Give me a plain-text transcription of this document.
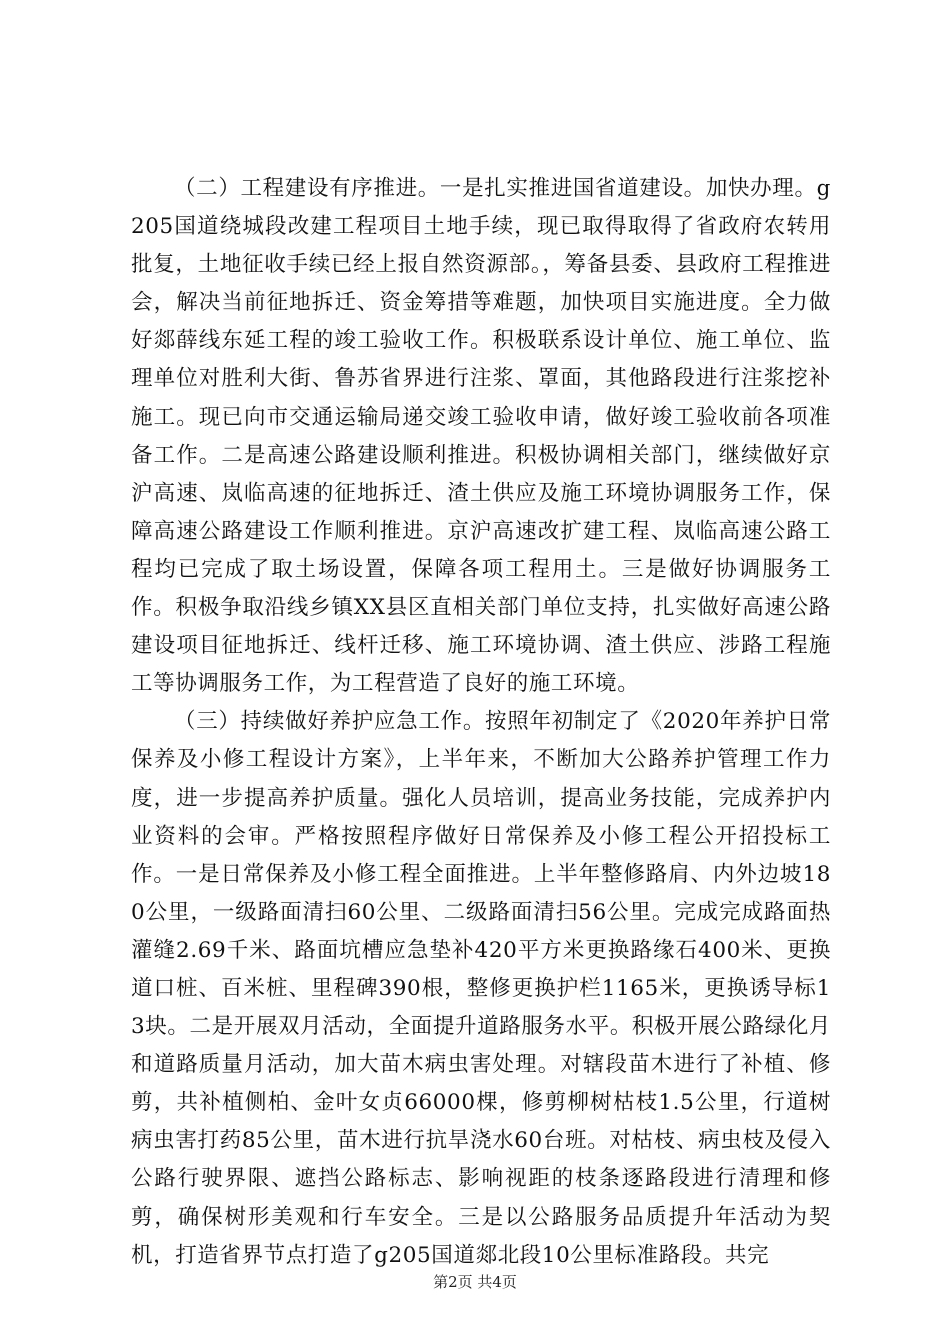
（二）工程建设有序推进。一是扎实推进国省道建设。加快办理。g205国道绕城段改建工程项目土地手续，现已取得取得了省政府农转用批复，土地征收手续已经上报自然资源部。，筹备县委、县政府工程推进会，解决当前征地拆迁、资金筹措等难题，加快项目实施进度。全力做好郯薛线东延工程的竣工验收工作。积极联系设计单位、施工单位、监理单位对胜利大街、鲁苏省界进行注浆、罩面，其他路段进行注浆挖补施工。现已向市交通运输局递交竣工验收申请，做好竣工验收前各项准备工作。二是高速公路建设顺利推进。积极协调相关部门，继续做好京沪高速、岚临高速的征地拆迁、渣土供应及施工环境协调服务工作，保障高速公路建设工作顺利推进。京沪高速改扩建工程、岚临高速公路工程均已完成了取土场设置，保障各项工程用土。三是做好协调服务工作。积极争取沿线乡镇XX县区直相关部门单位支持，扎实做好高速公路建设项目征地拆迁、线杆迁移、施工环境协调、渣土供应、涉路工程施工等协调服务工作，为工程营造了良好的施工环境。

（三）持续做好养护应急工作。按照年初制定了《2020年养护日常保养及小修工程设计方案》，上半年来，不断加大公路养护管理工作力度，进一步提高养护质量。强化人员培训，提高业务技能，完成养护内业资料的会审。严格按照程序做好日常保养及小修工程公开招投标工作。一是日常保养及小修工程全面推进。上半年整修路肩、内外边坡180公里，一级路面清扫60公里、二级路面清扫56公里。完成完成路面热灌缝2.69千米、路面坑槽应急垫补420平方米更换路缘石400米、更换道口桩、百米桩、里程碑390根，整修更换护栏1165米，更换诱导标13块。二是开展双月活动，全面提升道路服务水平。积极开展公路绿化月和道路质量月活动，加大苗木病虫害处理。对辖段苗木进行了补植、修剪，共补植侧柏、金叶女贞66000棵，修剪柳树枯枝1.5公里，行道树病虫害打药85公里，苗木进行抗旱浇水60台班。对枯枝、病虫枝及侵入公路行驶界限、遮挡公路标志、影响视距的枝条逐路段进行清理和修剪，确保树形美观和行车安全。三是以公路服务品质提升年活动为契机，打造省界节点打造了g205国道郯北段10公里标准路段。共完

第2页 共4页
